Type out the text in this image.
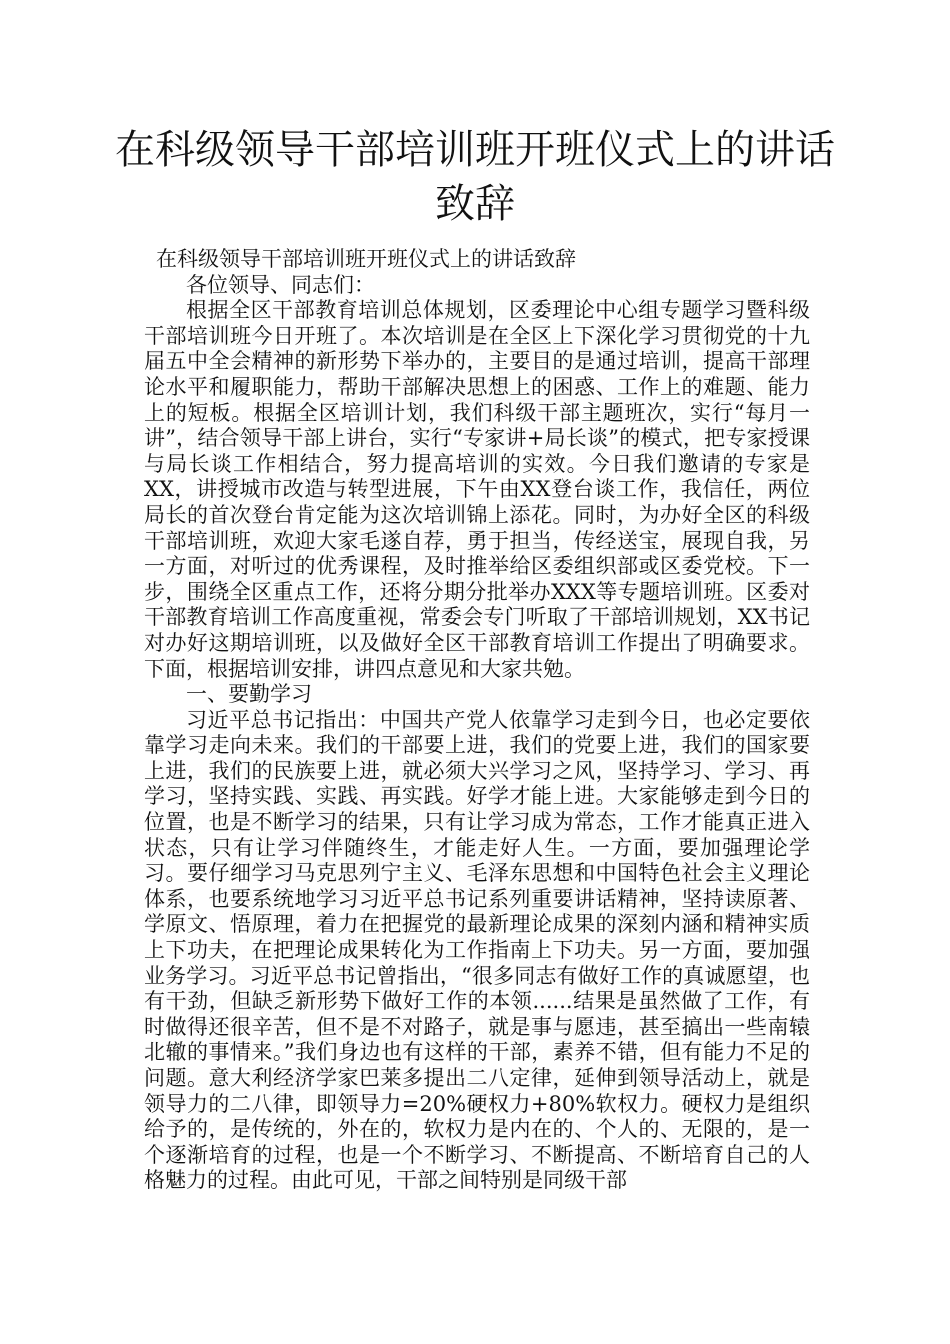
在科级领导干部培训班开班仪式上的讲话致辞

在科级领导干部培训班开班仪式上的讲话致辞

各位领导、同志们：

根据全区干部教育培训总体规划，区委理论中心组专题学习暨科级干部培训班今日开班了。本次培训是在全区上下深化学习贯彻党的十九届五中全会精神的新形势下举办的，主要目的是通过培训，提高干部理论水平和履职能力，帮助干部解决思想上的困惑、工作上的难题、能力上的短板。根据全区培训计划，我们科级干部主题班次，实行“每月一讲”，结合领导干部上讲台，实行“专家讲+局长谈”的模式，把专家授课与局长谈工作相结合，努力提高培训的实效。今日我们邀请的专家是XX，讲授城市改造与转型进展，下午由XX登台谈工作，我信任，两位局长的首次登台肯定能为这次培训锦上添花。同时，为办好全区的科级干部培训班，欢迎大家毛遂自荐，勇于担当，传经送宝，展现自我，另一方面，对听过的优秀课程，及时推举给区委组织部或区委党校。下一步，围绕全区重点工作，还将分期分批举办XXX等专题培训班。区委对干部教育培训工作高度重视，常委会专门听取了干部培训规划，XX书记对办好这期培训班，以及做好全区干部教育培训工作提出了明确要求。下面，根据培训安排，讲四点意见和大家共勉。

一、要勤学习

习近平总书记指出：中国共产党人依靠学习走到今日，也必定要依靠学习走向未来。我们的干部要上进，我们的党要上进，我们的国家要上进，我们的民族要上进，就必须大兴学习之风，坚持学习、学习、再学习，坚持实践、实践、再实践。好学才能上进。大家能够走到今日的位置，也是不断学习的结果，只有让学习成为常态，工作才能真正进入状态，只有让学习伴随终生，才能走好人生。一方面，要加强理论学习。要仔细学习马克思列宁主义、毛泽东思想和中国特色社会主义理论体系，也要系统地学习习近平总书记系列重要讲话精神，坚持读原著、学原文、悟原理，着力在把握党的最新理论成果的深刻内涵和精神实质上下功夫，在把理论成果转化为工作指南上下功夫。另一方面，要加强业务学习。习近平总书记曾指出，“很多同志有做好工作的真诚愿望，也有干劲，但缺乏新形势下做好工作的本领......结果是虽然做了工作，有时做得还很辛苦，但不是不对路子，就是事与愿违，甚至搞出一些南辕北辙的事情来。”我们身边也有这样的干部，素养不错，但有能力不足的问题。意大利经济学家巴莱多提出二八定律，延伸到领导活动上，就是领导力的二八律，即领导力=20%硬权力+80%软权力。硬权力是组织给予的，是传统的，外在的，软权力是内在的、个人的、无限的，是一个逐渐培育的过程，也是一个不断学习、不断提高、不断培育自己的人格魅力的过程。由此可见，干部之间特别是同级干部
